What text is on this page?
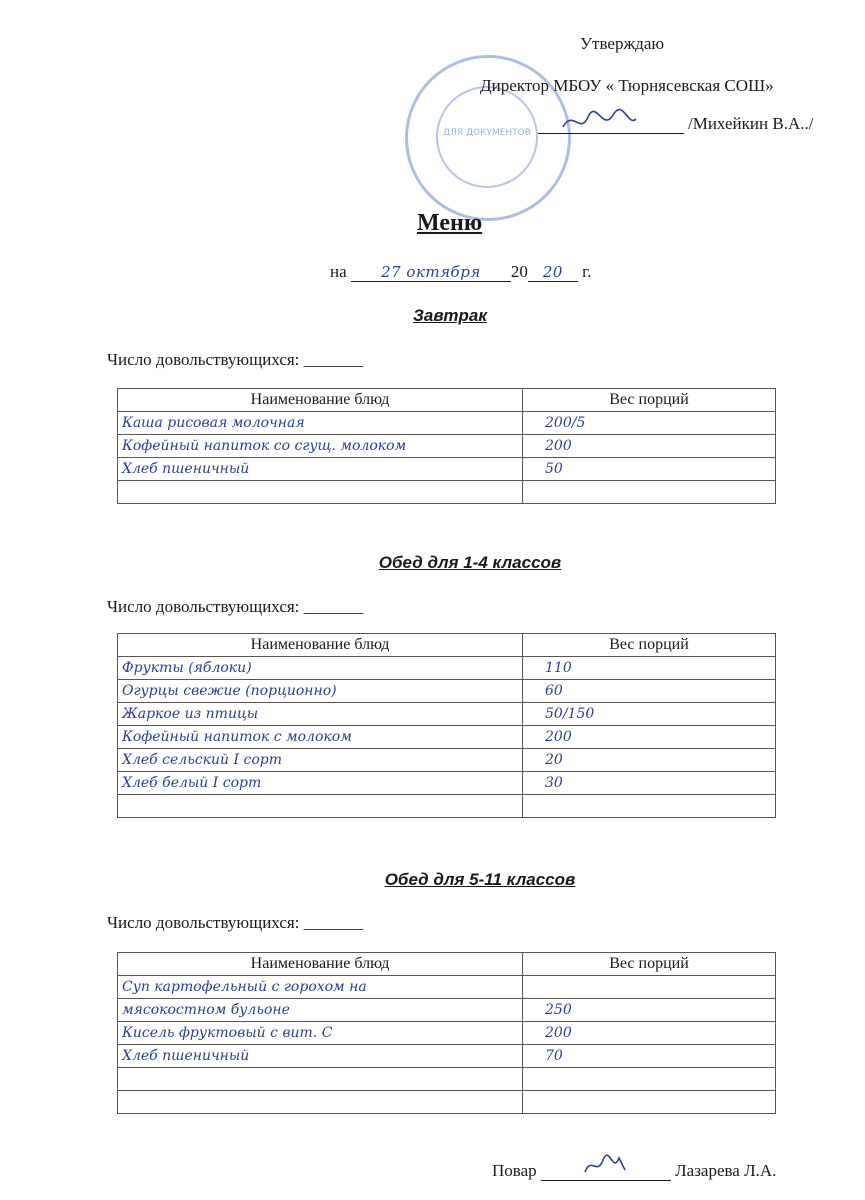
ДЛЯ ДОКУМЕНТОВ
Утверждаю
Директор МБОУ « Тюрнясевская СОШ»
/Михейкин В.А../
Меню
на 27 октября 20 20 г.
Завтрак
Число довольствующихся: _______
Наименование блюд	Вес порций
Каша рисовая молочная	200/5
Кофейный напиток со сгущ. молоком	200
Хлеб пшеничный	50

Обед для 1-4 классов
Число довольствующихся: _______
Наименование блюд	Вес порций
Фрукты (яблоки)	110
Огурцы свежие (порционно)	60
Жаркое из птицы	50/150
Кофейный напиток с молоком	200
Хлеб сельский I сорт	20
Хлеб белый I сорт	30

Обед для 5-11 классов
Число довольствующихся: _______
Наименование блюд	Вес порций
Суп картофельный с горохом на	
мясокостном бульоне	250
Кисель фруктовый с вит. С	200
Хлеб пшеничный	70

Повар	Лазарева Л.А.
